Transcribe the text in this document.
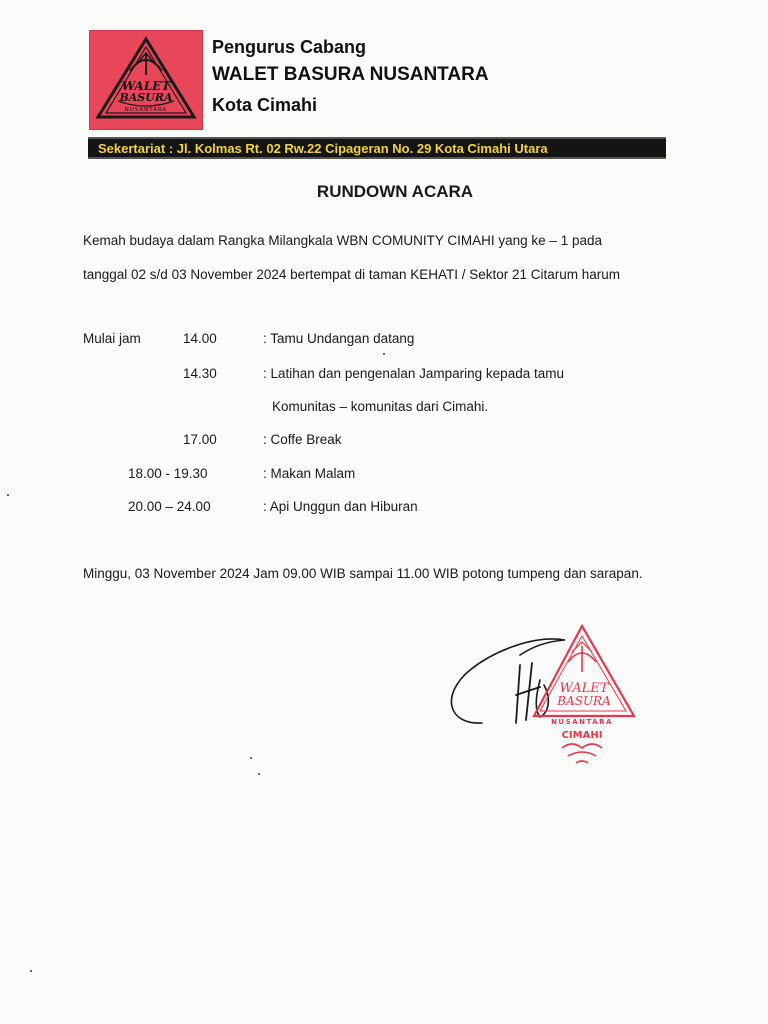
WALET
BASURA
NUSANTARA
Pengurus Cabang
WALET BASURA NUSANTARA
Kota Cimahi
Sekertariat : Jl. Kolmas Rt. 02 Rw.22 Cipageran No. 29 Kota Cimahi Utara
RUNDOWN ACARA
Kemah budaya dalam Rangka Milangkala WBN COMUNITY CIMAHI yang ke – 1 pada
tanggal 02 s/d 03 November 2024 bertempat di taman KEHATI / Sektor 21 Citarum harum
Mulai jam	14.00	: Tamu Undangan datang
14.30	: Latihan dan pengenalan Jamparing kepada tamu
Komunitas – komunitas dari Cimahi.
17.00	: Coffe Break
18.00 - 19.30	: Makan Malam
20.00 – 24.00	: Api Unggun dan Hiburan
Minggu, 03 November 2024 Jam 09.00 WIB sampai 11.00 WIB potong tumpeng dan sarapan.
WALET
BASURA
NUSANTARA
CIMAHI
